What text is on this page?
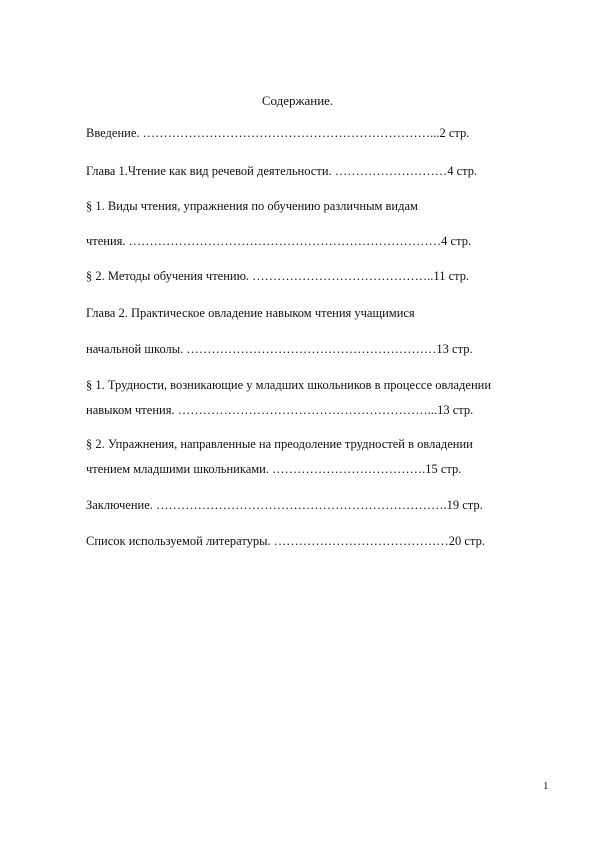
Содержание.
Введение. ……………………………………………………………...2 стр.
Глава 1.Чтение как вид речевой деятельности. ………………………4 стр.
§ 1. Виды чтения, упражнения по обучению различным видам
чтения. …………………………………………………………………4 стр.
§ 2. Методы обучения чтению. ……………………………………..11 стр.
Глава 2. Практическое овладение навыком чтения учащимися
начальной школы. ……………………………………………………13 стр.
§ 1. Трудности, возникающие у младших школьников в процессе овладении
навыком чтения. ……………………………………………………...13 стр.
§ 2. Упражнения, направленные на преодоление трудностей в овладении
чтением младшими школьниками. ……………………………….15 стр.
Заключение. …………………………………………………………….19 стр.
Список используемой литературы. ……………………………………20 стр.
1
